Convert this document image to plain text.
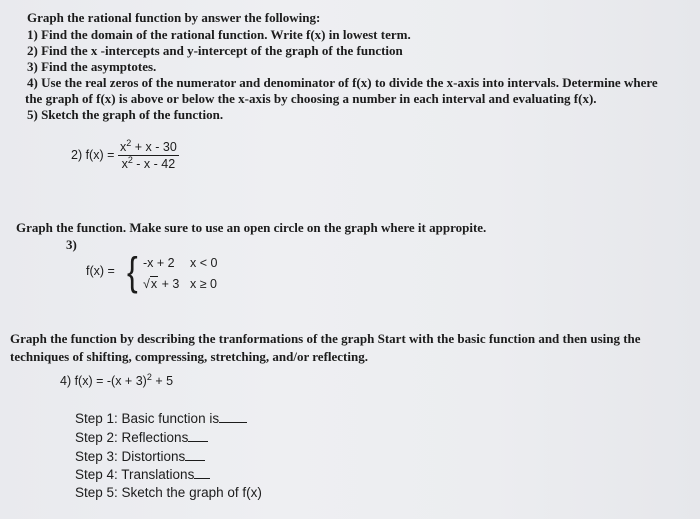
Graph the rational function by answer the following:
1) Find the domain of the rational function. Write f(x) in lowest term.
2) Find the x -intercepts and y-intercept of the graph of the function
3) Find the asymptotes.
4) Use the real zeros of the numerator and denominator of f(x) to divide the x-axis into intervals. Determine where
the graph of f(x) is above or below the x-axis by choosing a number in each interval and evaluating f(x).
5) Sketch the graph of the function.
2) f(x) =
$x^2 + x - 30$
$x^2$ - x - 42
Graph the function. Make sure to use an open circle on the graph where it appropite.
3)
f(x) = { -x + 2 x < 0
√x + 3 x ≥ 0
Graph the function by describing the tranformations of the graph Start with the basic function and then using the
techniques of shifting, compressing, stretching, and/or reflecting.
4) $f(x) = -(x + 3)^2 + 5$
Step 1: Basic function is
Step 2: Reflections
Step 3: Distortions
Step 4: Translations
Step 5: Sketch the graph of f(x)
